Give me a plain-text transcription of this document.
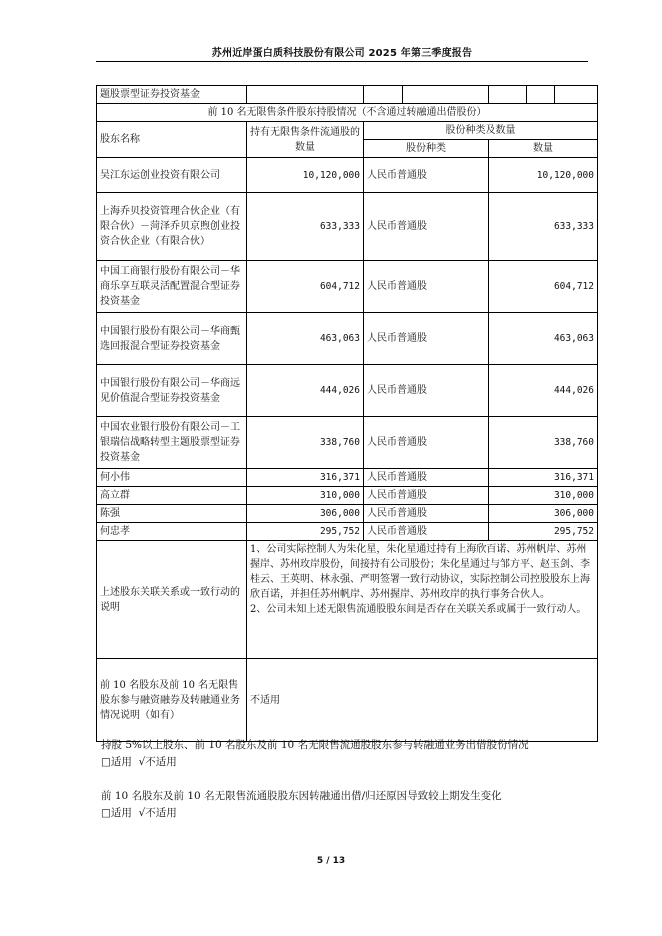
苏州近岸蛋白质科技股份有限公司 2025 年第三季度报告
题股票型证券投资基金						
前 10 名无限售条件股东持股情况（不含通过转融通出借股份）						
股东名称	持有无限售条件流通股的数量	股份种类及数量				
		股份种类		数量		
吴江东运创业投资有限公司	10,120,000	人民币普通股		10,120,000		
上海乔贝投资管理合伙企业（有限合伙）－菏泽乔贝京煦创业投资合伙企业（有限合伙）	633,333	人民币普通股		633,333		
中国工商银行股份有限公司－华商乐享互联灵活配置混合型证券投资基金	604,712	人民币普通股		604,712		
中国银行股份有限公司－华商甄选回报混合型证券投资基金	463,063	人民币普通股		463,063		
中国银行股份有限公司－华商远见价值混合型证券投资基金	444,026	人民币普通股		444,026		
中国农业银行股份有限公司－工银瑞信战略转型主题股票型证券投资基金	338,760	人民币普通股		338,760		
何小伟	316,371	人民币普通股		316,371		
高立群	310,000	人民币普通股		310,000		
陈强	306,000	人民币普通股		306,000		
何忠孝	295,752	人民币普通股		295,752		
上述股东关联关系或一致行动的说明	1、公司实际控制人为朱化星，朱化星通过持有上海欣百诺、苏州帆岸、苏州握岸、苏州玫岸股份，间接持有公司股份；朱化星通过与邹方平、赵玉剑、李桂云、王英明、林永强、严明签署一致行动协议，实际控制公司控股股东上海欣百诺，并担任苏州帆岸、苏州握岸、苏州玫岸的执行事务合伙人。
2、公司未知上述无限售流通股股东间是否存在关联关系或属于一致行动人。					

前 10 名股东及前 10 名无限售股东参与融资融券及转融通业务情况说明（如有）	不适用					
持股 5%以上股东、前 10 名股东及前 10 名无限售流通股股东参与转融通业务出借股份情况
□适用 √不适用
前 10 名股东及前 10 名无限售流通股股东因转融通出借/归还原因导致较上期发生变化
□适用 √不适用
5 / 13
